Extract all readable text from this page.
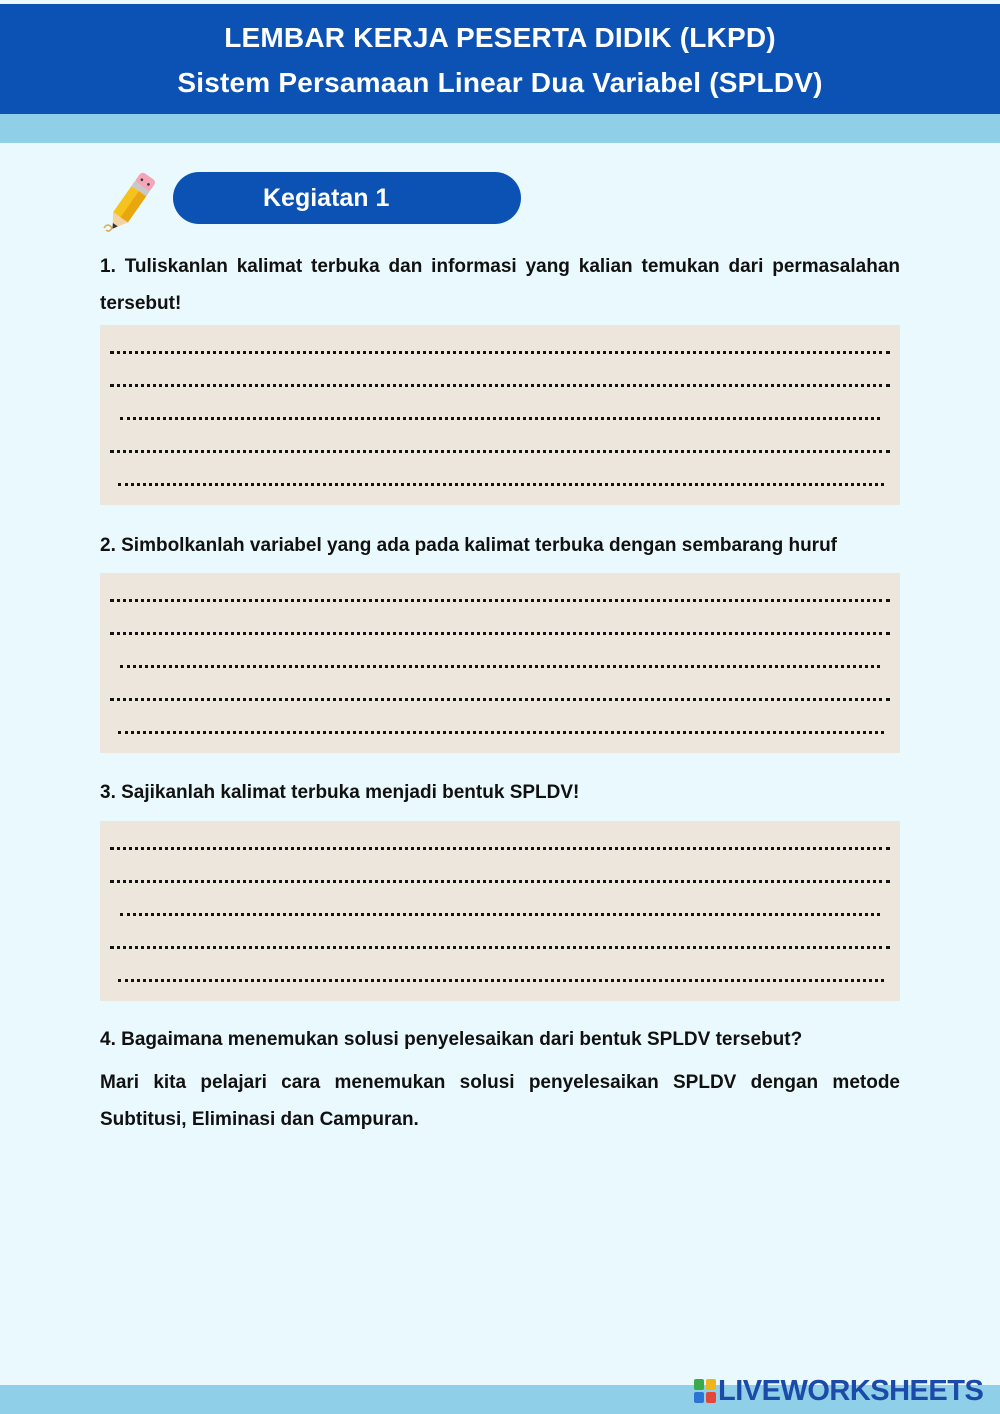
LEMBAR KERJA PESERTA DIDIK (LKPD)
Sistem Persamaan Linear Dua Variabel (SPLDV)
Kegiatan 1
1. Tuliskanlan kalimat terbuka dan informasi yang kalian temukan dari permasalahan tersebut!
2. Simbolkanlah variabel yang ada pada kalimat terbuka dengan sembarang huruf
3. Sajikanlah kalimat terbuka menjadi bentuk SPLDV!
4. Bagaimana menemukan solusi penyelesaikan dari bentuk SPLDV tersebut?
Mari kita pelajari cara menemukan solusi penyelesaikan SPLDV dengan metode Subtitusi, Eliminasi dan Campuran.
LIVEWORKSHEETS
